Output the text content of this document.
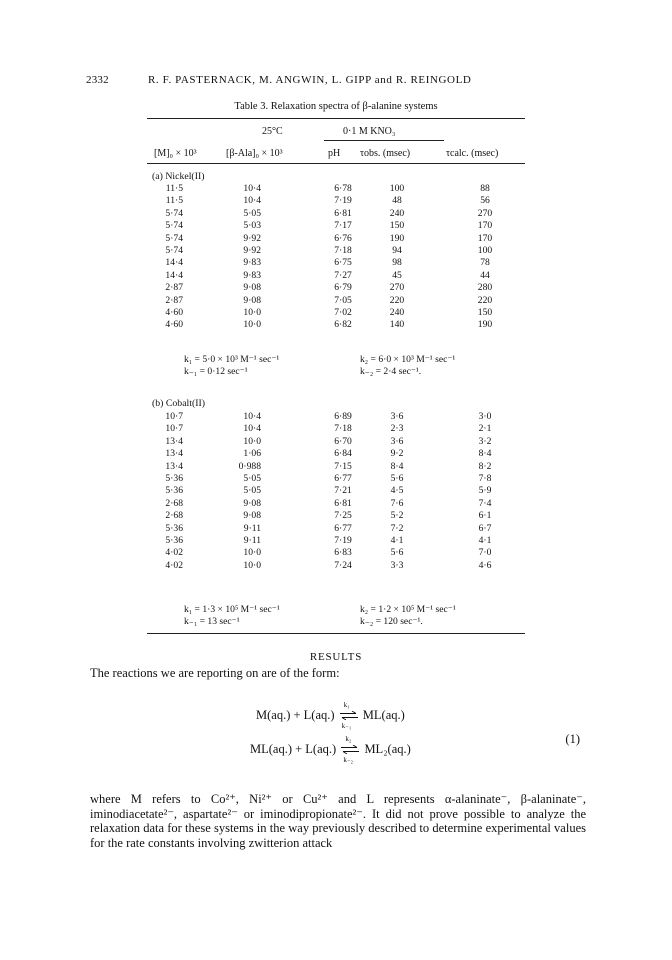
2332	R. F. PASTERNACK, M. ANGWIN, L. GIPP and R. REINGOLD
Table 3. Relaxation spectra of β-alanine systems
25°C	0·1 M KNO₃
[M]₀ × 10³	[β-Ala]₀ × 10³	pH τobs. (msec)	τcalc. (msec)
(a) Nickel(II)
11·5	10·4	6·78	100	88
11·5	10·4	7·19	48	56
5·74	5·05	6·81	240	270
5·74	5·03	7·17	150	170
5·74	9·92	6·76	190	170
5·74	9·92	7·18	94	100
14·4	9·83	6·75	98	78
14·4	9·83	7·27	45	44
2·87	9·08	6·79	270	280
2·87	9·08	7·05	220	220
4·60	10·0	7·02	240	150
4·60	10·0	6·82	140	190
k₁ = 5·0 × 10³ M⁻¹ sec⁻¹	k₂ = 6·0 × 10³ M⁻¹ sec⁻¹
k₋₁ = 0·12 sec⁻¹	k₋₂ = 2·4 sec⁻¹.
(b) Cobalt(II)
10·7	10·4	6·89	3·6	3·0
10·7	10·4	7·18	2·3	2·1
13·4	10·0	6·70	3·6	3·2
13·4	1·06	6·84	9·2	8·4
13·4	0·988	7·15	8·4	8·2
5·36	5·05	6·77	5·6	7·8
5·36	5·05	7·21	4·5	5·9
2·68	9·08	6·81	7·6	7·4
2·68	9·08	7·25	5·2	6·1
5·36	9·11	6·77	7·2	6·7
5·36	9·11	7·19	4·1	4·1
4·02	10·0	6·83	5·6	7·0
4·02	10·0	7·24	3·3	4·6
k₁ = 1·3 × 10⁵ M⁻¹ sec⁻¹	k₂ = 1·2 × 10⁵ M⁻¹ sec⁻¹
k₋₁ = 13 sec⁻¹	k₋₂ = 120 sec⁻¹.
RESULTS
The reactions we are reporting on are of the form:
M(aq.) + L(aq.)
k₁
k₋₁
ML(aq.)
ML(aq.) + L(aq.)
k₂
k₋₂
ML₂(aq.)
(1)
where M refers to Co²⁺, Ni²⁺ or Cu²⁺ and L represents α-alaninate⁻, β-alaninate⁻, iminodiacetate²⁻, aspartate²⁻ or iminodipropionate²⁻. It did not prove possible to analyze the relaxation data for these systems in the way previously described to determine experimental values for the rate constants involving zwitterion attack
